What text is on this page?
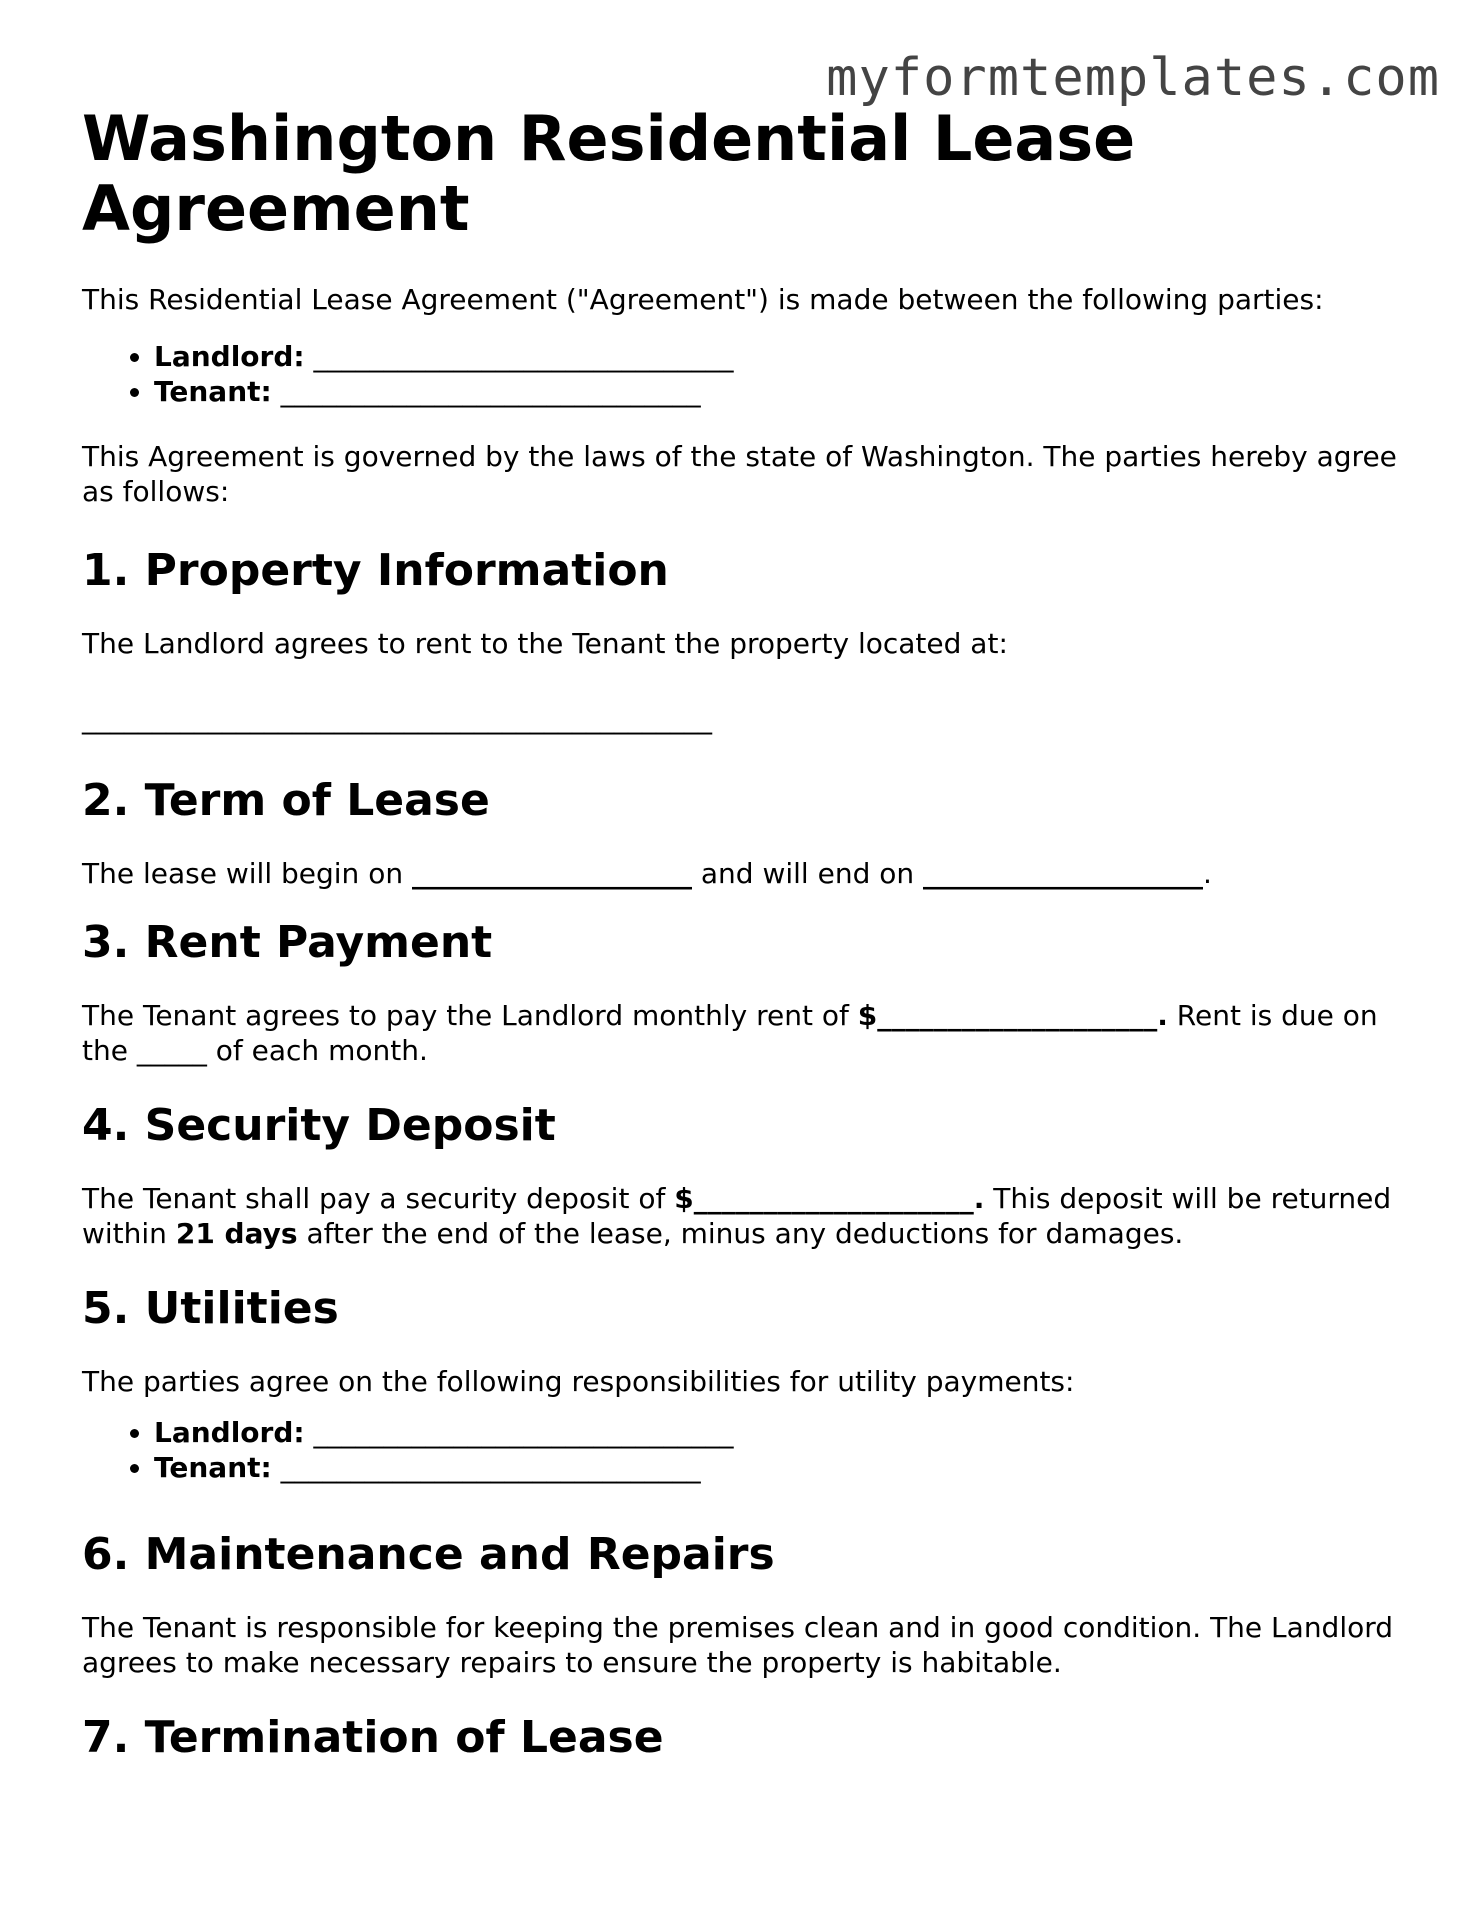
myformtemplates.com
Washington Residential Lease Agreement

This Residential Lease Agreement ("Agreement") is made between the following parties:

• Landlord: ______________________________
• Tenant: ______________________________

This Agreement is governed by the laws of the state of Washington. The parties hereby agree as follows:

1. Property Information

The Landlord agrees to rent to the Tenant the property located at:

_____________________________________________
2. Term of Lease

The lease will begin on ____________________ and will end on ____________________.

3. Rent Payment

The Tenant agrees to pay the Landlord monthly rent of $____________________. Rent is due on the _____ of each month.

4. Security Deposit

The Tenant shall pay a security deposit of $____________________. This deposit will be returned within 21 days after the end of the lease, minus any deductions for damages.

5. Utilities

The parties agree on the following responsibilities for utility payments:

• Landlord: ______________________________
• Tenant: ______________________________
6. Maintenance and Repairs

The Tenant is responsible for keeping the premises clean and in good condition. The Landlord agrees to make necessary repairs to ensure the property is habitable.

7. Termination of Lease
